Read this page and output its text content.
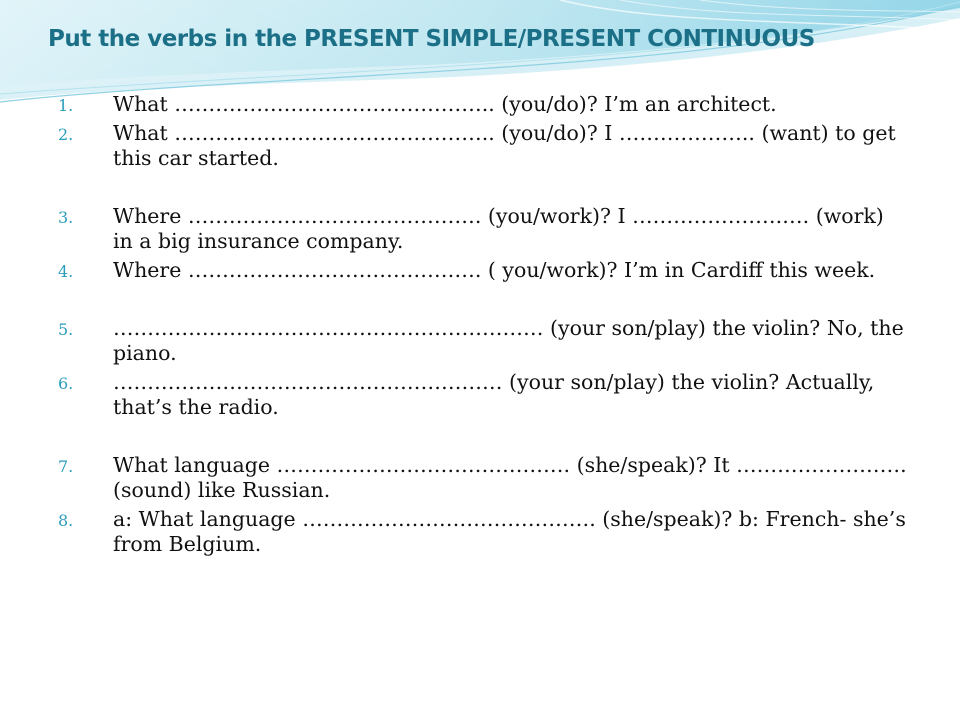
Put the verbs in the PRESENT SIMPLE/PRESENT CONTINUOUS
1. What ……………………………………….. (you/do)? I’m an architect.
2. What ……………………………………….. (you/do)? I ……………….. (want) to get this car started.
3. Where ……………………………………. (you/work)? I ………………….…. (work) in a big insurance company.
4. Where ……………………………………. ( you/work)? I’m in Cardiff this week.
5. ……………………………………………………… (your son/play) the violin? No, the piano.
6. ………………………………………………… (your son/play) the violin? Actually, that’s the radio.
7. What language ……………………………………. (she/speak)? It ……………………. (sound) like Russian.
8. a: What language ……………………………………. (she/speak)? b: French- she’s from Belgium.
